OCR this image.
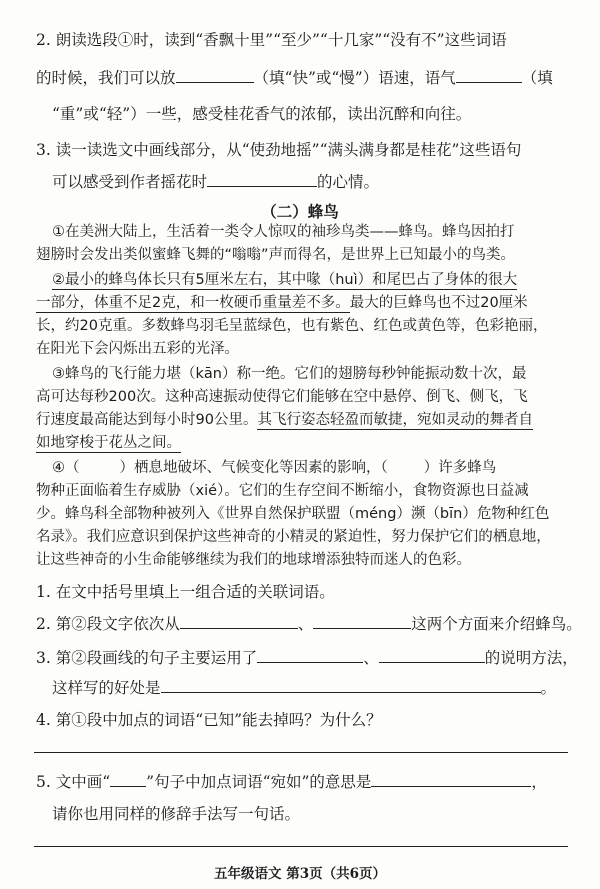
2. 朗读选段①时，读到“香飘十里”“至少”“十几家”“没有不”这些词语
的时候，我们可以放	（填“快”或“慢”）语速，语气	（填
“重”或“轻”）一些，感受桂花香气的浓郁，读出沉醉和向往。
3. 读一读选文中画线部分，从“使劲地摇”“满头满身都是桂花”这些语句
可以感受到作者摇花时	的心情。
（二）蜂鸟
①在美洲大陆上，生活着一类令人惊叹的袖珍鸟类——蜂鸟。蜂鸟因拍打
翅膀时会发出类似蜜蜂飞舞的“嗡嗡”声而得名，是世界上已知最小的鸟类。
②最小的蜂鸟体长只有5厘米左右，其中喙（huì）和尾巴占了身体的很大
一部分，体重不足2克，和一枚硬币重量差不多。最大的巨蜂鸟也不过20厘米
长，约20克重。多数蜂鸟羽毛呈蓝绿色，也有紫色、红色或黄色等，色彩艳丽，
在阳光下会闪烁出五彩的光泽。
③蜂鸟的飞行能力堪（kān）称一绝。它们的翅膀每秒钟能振动数十次，最
高可达每秒200次。这种高速振动使得它们能够在空中悬停、倒飞、侧飞，飞
行速度最高能达到每小时90公里。其飞行姿态轻盈而敏捷，宛如灵动的舞者自
如地穿梭于花丛之间。
④（	）栖息地破坏、气候变化等因素的影响，（ ）许多蜂鸟
物种正面临着生存威胁（xié）。它们的生存空间不断缩小，食物资源也日益减
少。蜂鸟科全部物种被列入《世界自然保护联盟（méng）濒（bīn）危物种红色
名录》。我们应意识到保护这些神奇的小精灵的紧迫性，努力保护它们的栖息地，
让这些神奇的小生命能够继续为我们的地球增添独特而迷人的色彩。
1. 在文中括号里填上一组合适的关联词语。
2. 第②段文字依次从	、	这两个方面来介绍蜂鸟。
3. 第②段画线的句子主要运用了	、	的说明方法，
这样写的好处是	。
4. 第①段中加点的词语“已知”能去掉吗？为什么？
5. 文中画“ ”句子中加点词语“宛如”的意思是	，
请你也用同样的修辞手法写一句话。
五年级语文 第3页（共6页）
